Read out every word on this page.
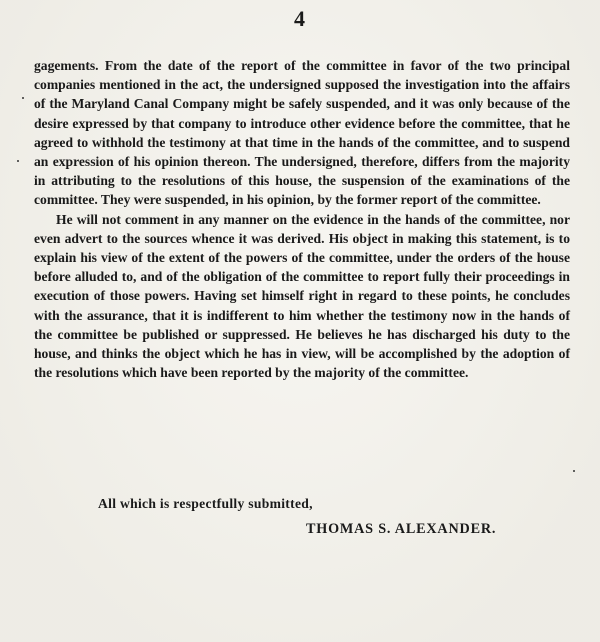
4

gagements. From the date of the report of the committee in favor of the two principal companies mentioned in the act, the undersigned supposed the investigation into the affairs of the Maryland Canal Company might be safely suspended, and it was only because of the desire expressed by that company to introduce other evidence before the committee, that he agreed to withhold the testimony at that time in the hands of the committee, and to suspend an expression of his opinion thereon. The undersigned, therefore, differs from the majority in attributing to the resolutions of this house, the suspension of the examinations of the committee. They were suspended, in his opinion, by the former report of the committee.

He will not comment in any manner on the evidence in the hands of the committee, nor even advert to the sources whence it was derived. His object in making this statement, is to explain his view of the extent of the powers of the committee, under the orders of the house before alluded to, and of the obligation of the committee to report fully their proceedings in execution of those powers. Having set himself right in regard to these points, he concludes with the assurance, that it is indifferent to him whether the testimony now in the hands of the committee be published or suppressed. He believes he has discharged his duty to the house, and thinks the object which he has in view, will be accomplished by the adoption of the resolutions which have been reported by the majority of the committee.

All which is respectfully submitted,
THOMAS S. ALEXANDER.
